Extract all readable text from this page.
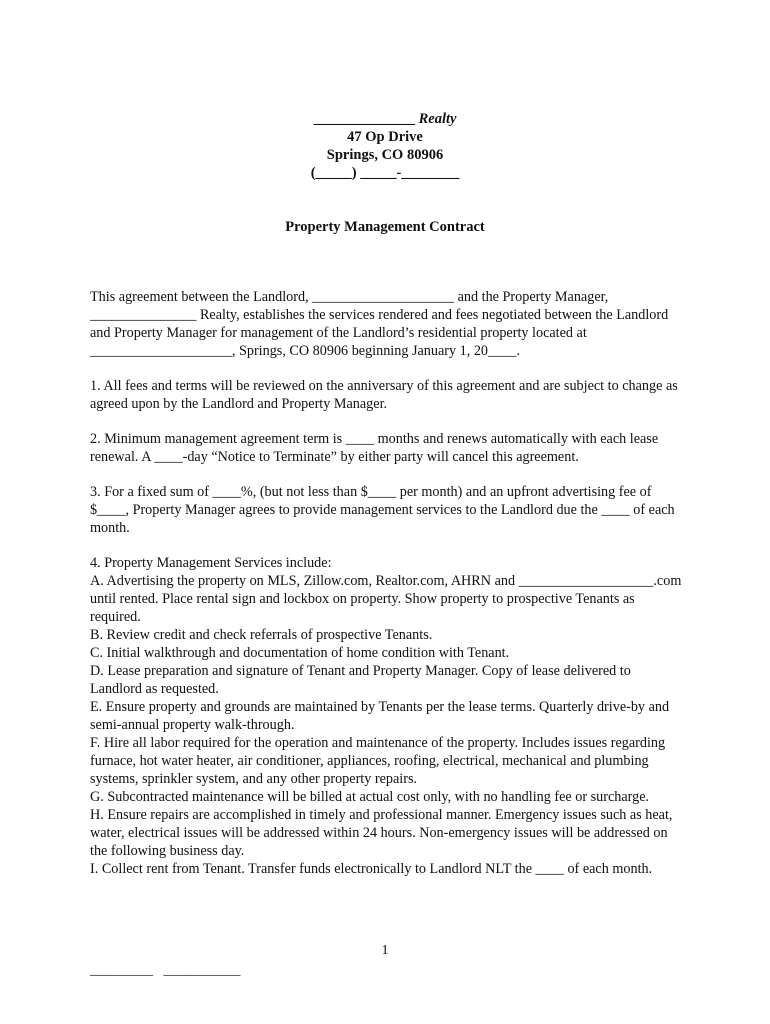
______________ Realty
47 Op Drive
Springs, CO 80906
(_____) _____-________
Property Management Contract

This agreement between the Landlord, ____________________ and the Property Manager, _______________ Realty, establishes the services rendered and fees negotiated between the Landlord and Property Manager for management of the Landlord’s residential property located at ____________________, Springs, CO 80906 beginning January 1, 20____.

1. All fees and terms will be reviewed on the anniversary of this agreement and are subject to change as agreed upon by the Landlord and Property Manager.

2. Minimum management agreement term is ____ months and renews automatically with each lease renewal. A ____-day “Notice to Terminate” by either party will cancel this agreement.

3. For a fixed sum of ____%, (but not less than $____ per month) and an upfront advertising fee of $____, Property Manager agrees to provide management services to the Landlord due the ____ of each month.

4. Property Management Services include:

A. Advertising the property on MLS, Zillow.com, Realtor.com, AHRN and ___________________.com until rented. Place rental sign and lockbox on property. Show property to prospective Tenants as required.

B. Review credit and check referrals of prospective Tenants.

C. Initial walkthrough and documentation of home condition with Tenant.

D. Lease preparation and signature of Tenant and Property Manager. Copy of lease delivered to Landlord as requested.

E. Ensure property and grounds are maintained by Tenants per the lease terms. Quarterly drive-by and semi-annual property walk-through.

F. Hire all labor required for the operation and maintenance of the property. Includes issues regarding furnace, hot water heater, air conditioner, appliances, roofing, electrical, mechanical and plumbing systems, sprinkler system, and any other property repairs.

G. Subcontracted maintenance will be billed at actual cost only, with no handling fee or surcharge.

H. Ensure repairs are accomplished in timely and professional manner. Emergency issues such as heat, water, electrical issues will be addressed within 24 hours. Non-emergency issues will be addressed on the following business day.

I. Collect rent from Tenant. Transfer funds electronically to Landlord NLT the ____ of each month.

1
_________   ___________
